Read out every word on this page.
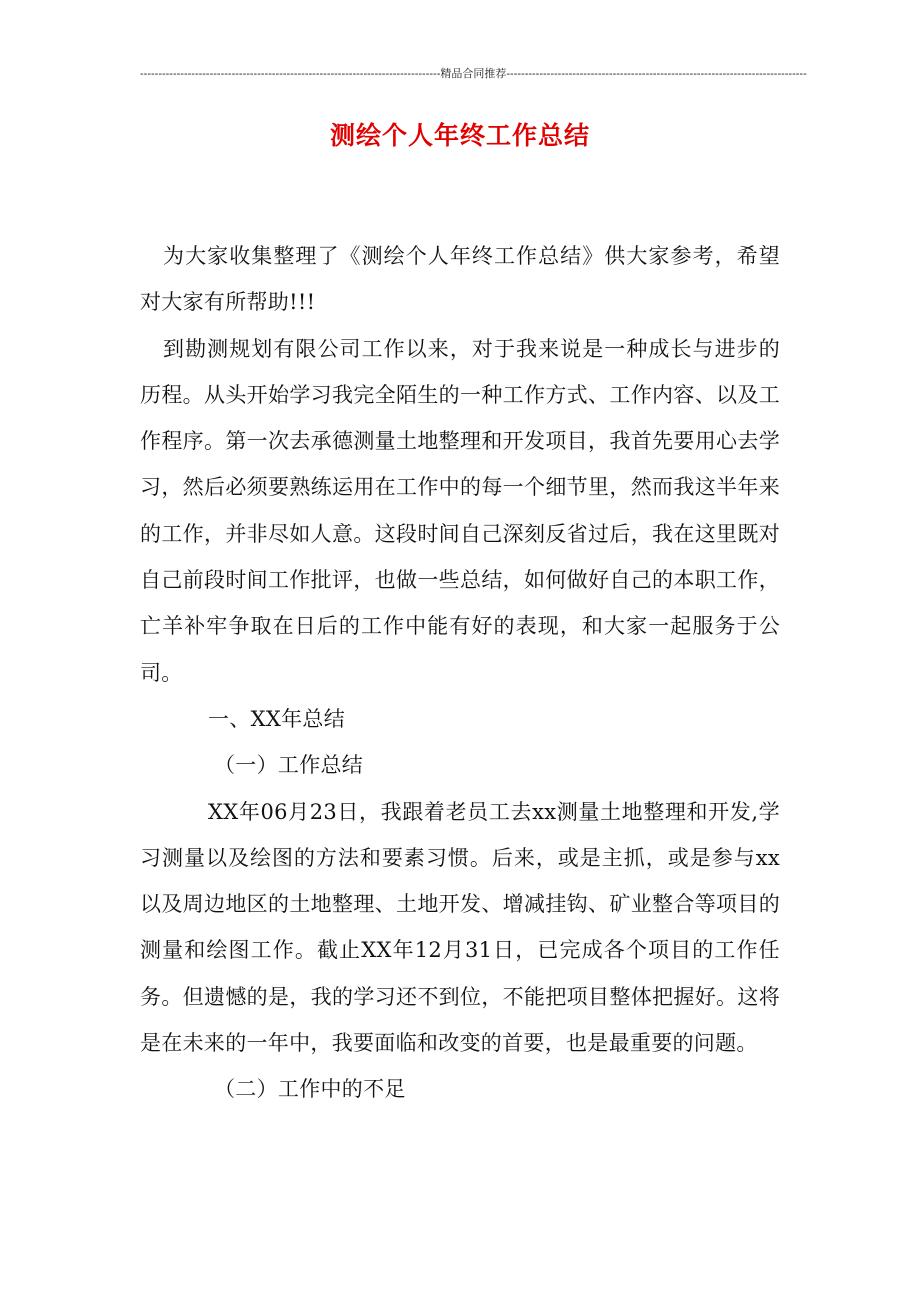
----------------------------------------------------------------------------------精品合同推荐----------------------------------------------------------------------------------
测绘个人年终工作总结

为大家收集整理了《测绘个人年终工作总结》供大家参考，希望对大家有所帮助!!!

到勘测规划有限公司工作以来，对于我来说是一种成长与进步的历程。从头开始学习我完全陌生的一种工作方式、工作内容、以及工作程序。第一次去承德测量土地整理和开发项目，我首先要用心去学习，然后必须要熟练运用在工作中的每一个细节里，然而我这半年来的工作，并非尽如人意。这段时间自己深刻反省过后，我在这里既对自己前段时间工作批评，也做一些总结，如何做好自己的本职工作，亡羊补牢争取在日后的工作中能有好的表现，和大家一起服务于公司。

一、XX年总结

（一）工作总结

XX年06月23日，我跟着老员工去xx测量土地整理和开发,学习测量以及绘图的方法和要素习惯。后来，或是主抓，或是参与xx以及周边地区的土地整理、土地开发、增减挂钩、矿业整合等项目的测量和绘图工作。截止XX年12月31日，已完成各个项目的工作任务。但遗憾的是，我的学习还不到位，不能把项目整体把握好。这将是在未来的一年中，我要面临和改变的首要，也是最重要的问题。

（二）工作中的不足
